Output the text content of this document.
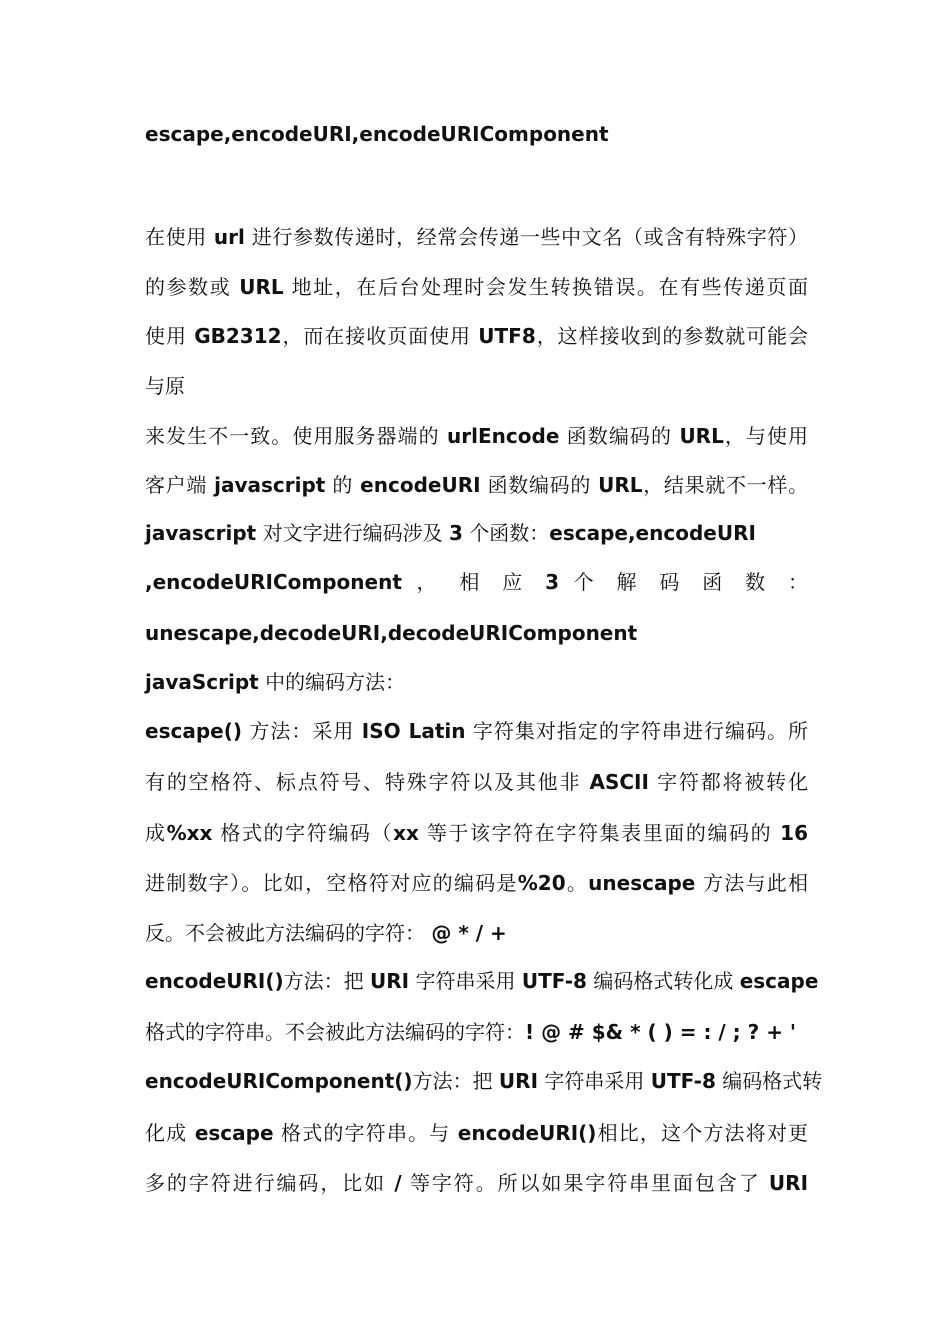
escape,encodeURI,encodeURIComponent
在使用 url 进行参数传递时，经常会传递一些中文名（或含有特殊字符）
的参数或 URL 地址，在后台处理时会发生转换错误。在有些传递页面
使用 GB2312，而在接收页面使用 UTF8，这样接收到的参数就可能会
与原
来发生不一致。使用服务器端的 urlEncode 函数编码的 URL，与使用
客户端 javascript 的 encodeURI 函数编码的 URL，结果就不一样。
javascript 对文字进行编码涉及 3 个函数：escape,encodeURI
,encodeURIComponent ， 相 应 3 个 解 码 函 数 ：
unescape,decodeURI,decodeURIComponent
javaScript 中的编码方法：
escape() 方法：采用 ISO Latin 字符集对指定的字符串进行编码。所
有的空格符、标点符号、特殊字符以及其他非 ASCII 字符都将被转化
成%xx 格式的字符编码（xx 等于该字符在字符集表里面的编码的 16
进制数字）。比如，空格符对应的编码是%20。unescape 方法与此相
反。不会被此方法编码的字符： @ * / +
encodeURI()方法：把 URI 字符串采用 UTF-8 编码格式转化成 escape
格式的字符串。不会被此方法编码的字符：! @ # $& * ( ) = : / ; ? + '
encodeURIComponent()方法：把 URI 字符串采用 UTF-8 编码格式转
化成 escape 格式的字符串。与 encodeURI()相比，这个方法将对更
多的字符进行编码，比如 / 等字符。所以如果字符串里面包含了 URI
